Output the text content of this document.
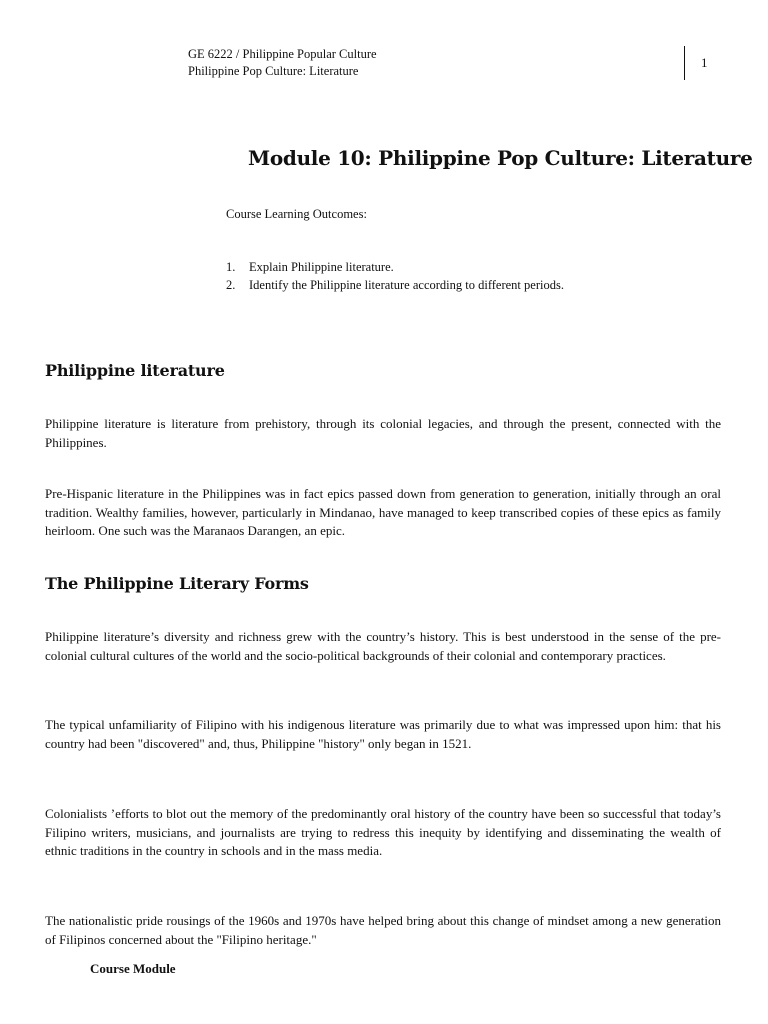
GE 6222 / Philippine Popular Culture
Philippine Pop Culture: Literature
1
Module 10: Philippine Pop Culture: Literature
Course Learning Outcomes:
1. Explain Philippine literature.
2. Identify the Philippine literature according to different periods.
Philippine literature

Philippine literature is literature from prehistory, through its colonial legacies, and through the present, connected with the Philippines.

Pre-Hispanic literature in the Philippines was in fact epics passed down from generation to generation, initially through an oral tradition. Wealthy families, however, particularly in Mindanao, have managed to keep transcribed copies of these epics as family heirloom. One such was the Maranaos Darangen, an epic.

The Philippine Literary Forms

Philippine literature’s diversity and richness grew with the country’s history. This is best understood in the sense of the pre-colonial cultural cultures of the world and the socio-political backgrounds of their colonial and contemporary practices.

The typical unfamiliarity of Filipino with his indigenous literature was primarily due to what was impressed upon him: that his country had been "discovered" and, thus, Philippine "history" only began in 1521.

Colonialists ’efforts to blot out the memory of the predominantly oral history of the country have been so successful that today’s Filipino writers, musicians, and journalists are trying to redress this inequity by identifying and disseminating the wealth of ethnic traditions in the country in schools and in the mass media.

The nationalistic pride rousings of the 1960s and 1970s have helped bring about this change of mindset among a new generation of Filipinos concerned about the "Filipino heritage."

Course Module
